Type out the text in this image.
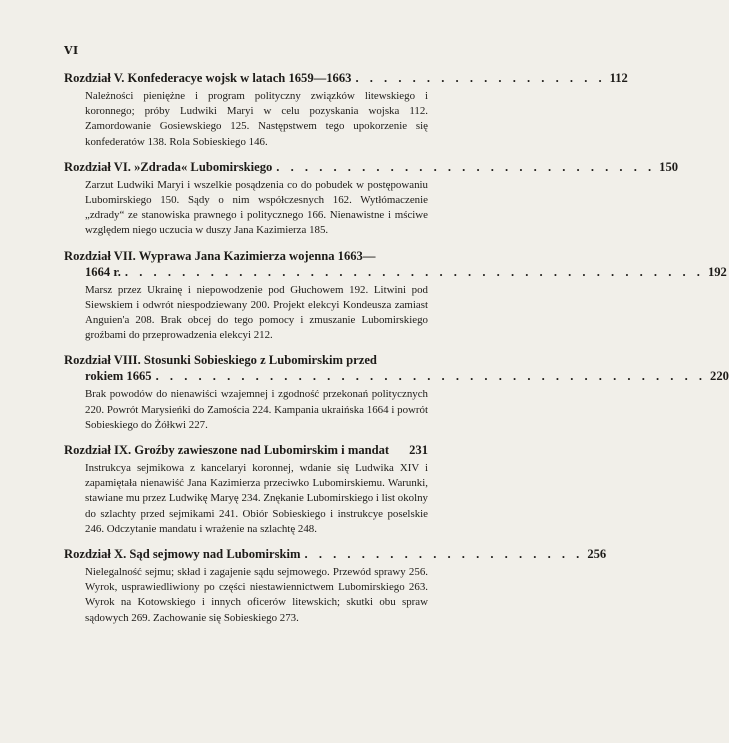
VI
Rozdział V. Konfederacye wojsk w latach 1659—1663 . . . . . . . . . . . . . . . . . . 112
Należności pieniężne i program polityczny związków litewskiego i koronnego; próby Ludwiki Maryi w celu pozyskania wojska 112. Zamordowanie Gosiewskiego 125. Następstwem tego upokorzenie się konfederatów 138. Rola Sobieskiego 146.
Rozdział VI. »Zdrada« Lubomirskiego . . . . . . . . . . . . . . . . . . . . . . . . . . . 150
Zarzut Ludwiki Maryi i wszelkie posądzenia co do pobudek w postępowaniu Lubomirskiego 150. Sądy o nim współczesnych 162. Wytłómaczenie „zdrady“ ze stanowiska prawnego i politycznego 166. Nienawistne i mściwe względem niego uczucia w duszy Jana Kazimierza 185.
Rozdział VII. Wyprawa Jana Kazimierza wojenna 1663—
1664 r. . . . . . . . . . . . . . . . . . . . . . . . . . . . . . . . . . . . . . . . . . 192
Marsz przez Ukrainę i niepowodzenie pod Głuchowem 192. Litwini pod Siewskiem i odwrót niespodziewany 200. Projekt elekcyi Kondeusza zamiast Anguien'a 208. Brak obcej do tego pomocy i zmuszanie Lubomirskiego groźbami do przeprowadzenia elekcyi 212.
Rozdział VIII. Stosunki Sobieskiego z Lubomirskim przed
rokiem 1665 . . . . . . . . . . . . . . . . . . . . . . . . . . . . . . . . . . . . . . . 220
Brak powodów do nienawiści wzajemnej i zgodność przekonań politycznych 220. Powrót Marysieńki do Zamościa 224. Kampania ukraińska 1664 i powrót Sobieskiego do Żółkwi 227.
Rozdział IX. Groźby zawieszone nad Lubomirskim i mandat 231
Instrukcya sejmikowa z kancelaryi koronnej, wdanie się Ludwika XIV i zapamiętała nienawiść Jana Kazimierza przeciwko Lubomirskiemu. Warunki, stawiane mu przez Ludwikę Maryę 234. Znękanie Lubomirskiego i list okolny do szlachty przed sejmikami 241. Obiór Sobieskiego i instrukcye poselskie 246. Odczytanie mandatu i wrażenie na szlachtę 248.
Rozdział X. Sąd sejmowy nad Lubomirskim . . . . . . . . . . . . . . . . . . . . 256
Nielegalność sejmu; skład i zagajenie sądu sejmowego. Przewód sprawy 256. Wyrok, usprawiedliwiony po części niestawiennictwem Lubomirskiego 263. Wyrok na Kotowskiego i innych oficerów litewskich; skutki obu spraw sądowych 269. Zachowanie się Sobieskiego 273.
